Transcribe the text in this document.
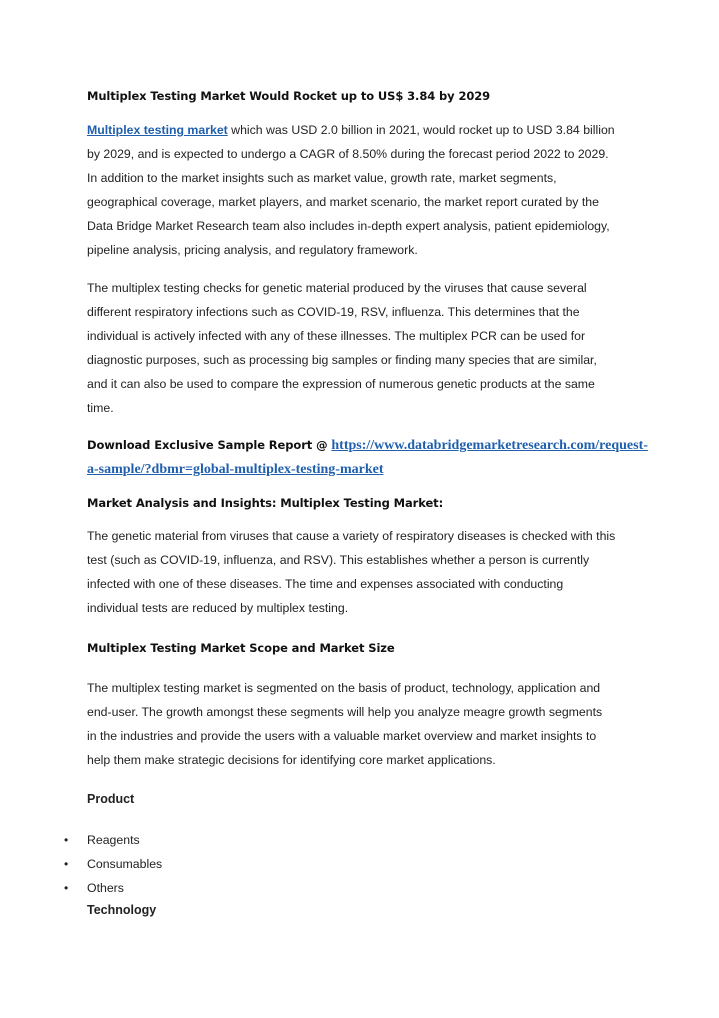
Multiplex Testing Market Would Rocket up to US$ 3.84 by 2029
Multiplex testing market which was USD 2.0 billion in 2021, would rocket up to USD 3.84 billion
by 2029, and is expected to undergo a CAGR of 8.50% during the forecast period 2022 to 2029.
In addition to the market insights such as market value, growth rate, market segments,
geographical coverage, market players, and market scenario, the market report curated by the
Data Bridge Market Research team also includes in-depth expert analysis, patient epidemiology,
pipeline analysis, pricing analysis, and regulatory framework.
The multiplex testing checks for genetic material produced by the viruses that cause several
different respiratory infections such as COVID-19, RSV, influenza. This determines that the
individual is actively infected with any of these illnesses. The multiplex PCR can be used for
diagnostic purposes, such as processing big samples or finding many species that are similar,
and it can also be used to compare the expression of numerous genetic products at the same
time.
Download Exclusive Sample Report @ https://www.databridgemarketresearch.com/request-
a-sample/?dbmr=global-multiplex-testing-market
Market Analysis and Insights: Multiplex Testing Market:
The genetic material from viruses that cause a variety of respiratory diseases is checked with this
test (such as COVID-19, influenza, and RSV). This establishes whether a person is currently
infected with one of these diseases. The time and expenses associated with conducting
individual tests are reduced by multiplex testing.
Multiplex Testing Market Scope and Market Size
The multiplex testing market is segmented on the basis of product, technology, application and
end-user. The growth amongst these segments will help you analyze meagre growth segments
in the industries and provide the users with a valuable market overview and market insights to
help them make strategic decisions for identifying core market applications.
Product
• Reagents
• Consumables
• Others
Technology
